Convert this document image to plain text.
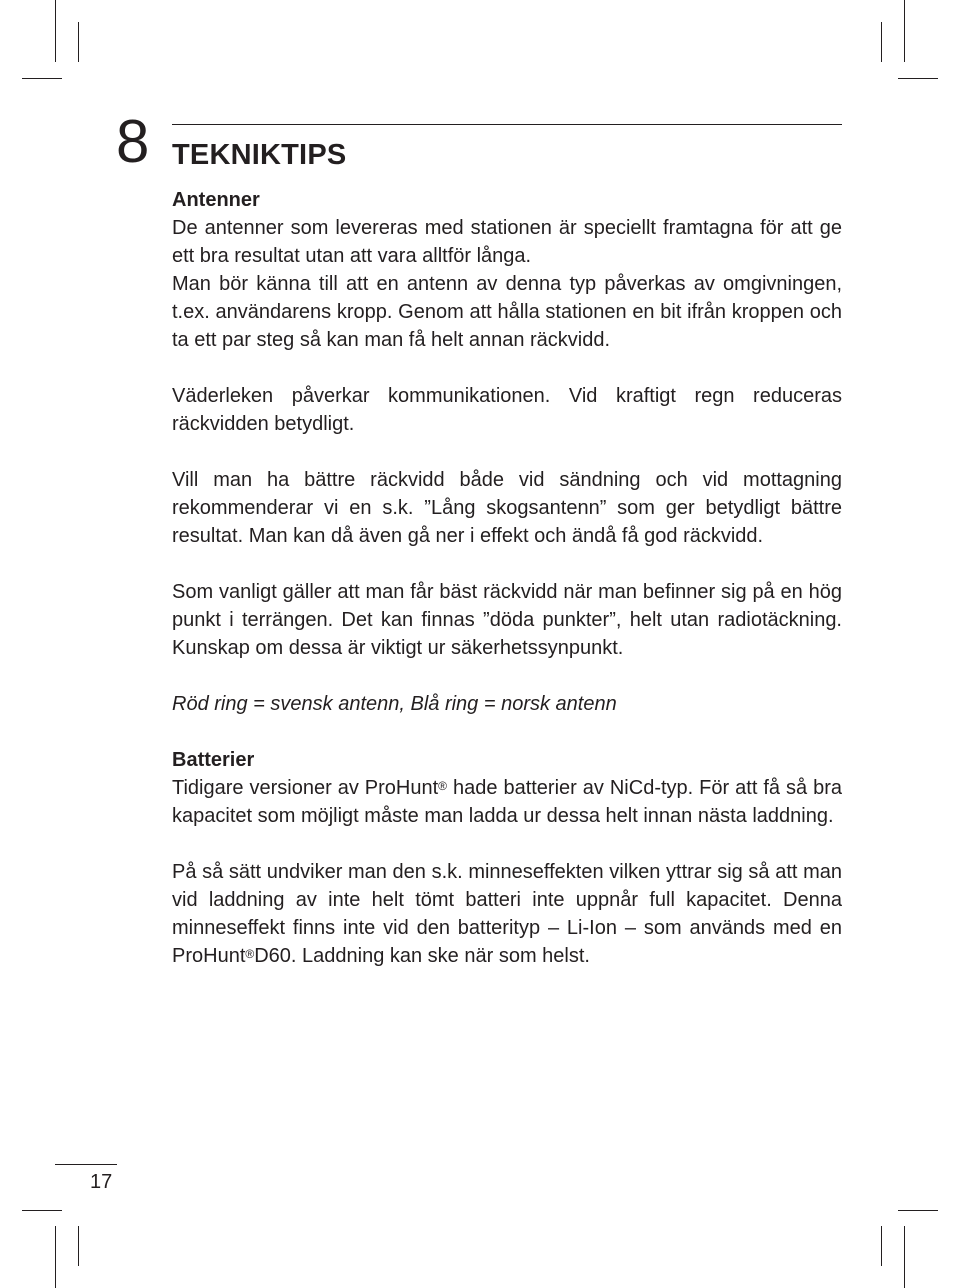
8 TEKNIKTIPS
Antenner

De antenner som levereras med stationen är speciellt framtagna för att ge ett bra resultat utan att vara alltför långa.

Man bör känna till att en antenn av denna typ påverkas av omgivningen, t.ex. användarens kropp. Genom att hålla stationen en bit ifrån kroppen och ta ett par steg så kan man få helt annan räckvidd.

Väderleken påverkar kommunikationen. Vid kraftigt regn reduceras räckvidden betydligt.

Vill man ha bättre räckvidd både vid sändning och vid mottagning rekommenderar vi en s.k. ”Lång skogsantenn” som ger betydligt bättre resultat. Man kan då även gå ner i effekt och ändå få god räckvidd.

Som vanligt gäller att man får bäst räckvidd när man befinner sig på en hög punkt i terrängen. Det kan finnas ”döda punkter”, helt utan radiotäckning. Kunskap om dessa är viktigt ur säkerhetssynpunkt.

Röd ring = svensk antenn, Blå ring = norsk antenn

Batterier

Tidigare versioner av ProHunt® hade batterier av NiCd-typ. För att få så bra kapacitet som möjligt måste man ladda ur dessa helt innan nästa laddning.

På så sätt undviker man den s.k. minneseffekten vilken yttrar sig så att man vid laddning av inte helt tömt batteri inte uppnår full kapacitet. Denna minneseffekt finns inte vid den batterityp – Li-Ion – som används med en ProHunt®D60. Laddning kan ske när som helst.

17
